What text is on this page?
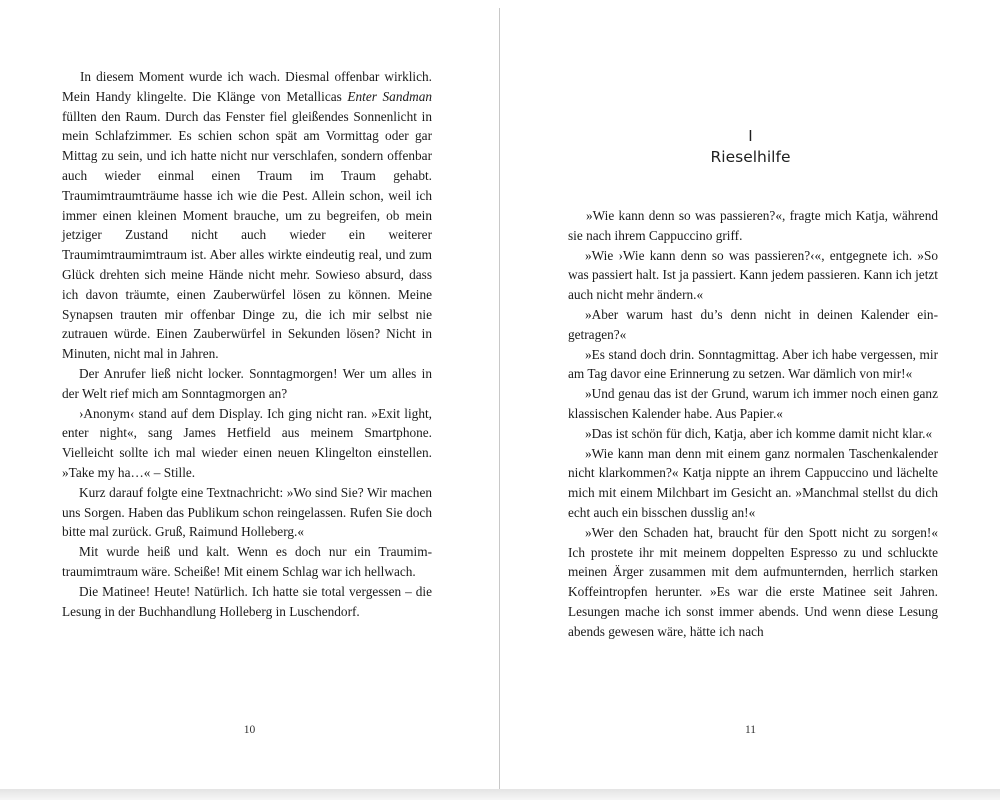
In diesem Moment wurde ich wach. Diesmal offenbar wirklich. Mein Handy klingelte. Die Klänge von Metallicas Enter Sandman füllten den Raum. Durch das Fenster fiel gleißendes Sonnenlicht in mein Schlafzimmer. Es schien schon spät am Vormittag oder gar Mittag zu sein, und ich hatte nicht nur verschlafen, sondern offenbar auch wieder einmal einen Traum im Traum gehabt. Traumimtraumträume hasse ich wie die Pest. Allein schon, weil ich immer einen kleinen Moment brauche, um zu begreifen, ob mein jetziger Zustand nicht auch wieder ein weiterer Traumimtraumimtraum ist. Aber alles wirkte eindeutig real, und zum Glück drehten sich meine Hände nicht mehr. Sowieso absurd, dass ich davon träumte, einen Zauberwürfel lösen zu können. Meine Synapsen trauten mir offenbar Dinge zu, die ich mir selbst nie zutrauen würde. Einen Zauberwürfel in Sekunden lösen? Nicht in Minuten, nicht mal in Jahren.

Der Anrufer ließ nicht locker. Sonntagmorgen! Wer um alles in der Welt rief mich am Sonntagmorgen an?

›Anonym‹ stand auf dem Display. Ich ging nicht ran. »Exit light, enter night«, sang James Hetfield aus meinem Smartphone. Vielleicht sollte ich mal wieder einen neuen Klingelton einstellen. »Take my ha…« – Stille.

Kurz darauf folgte eine Textnachricht: »Wo sind Sie? Wir machen uns Sorgen. Haben das Publikum schon reingelassen. Rufen Sie doch bitte mal zurück. Gruß, Raimund Holleberg.«

Mit wurde heiß und kalt. Wenn es doch nur ein Traumimtraumimtraum wäre. Scheiße! Mit einem Schlag war ich hellwach.

Die Matinee! Heute! Natürlich. Ich hatte sie total vergessen – die Lesung in der Buchhandlung Holleberg in Luschendorf.

10
I
Rieselhilfe

»Wie kann denn so was passieren?«, fragte mich Katja, während sie nach ihrem Cappuccino griff.

»Wie ›Wie kann denn so was passieren?‹«, entgegnete ich. »So was passiert halt. Ist ja passiert. Kann jedem passieren. Kann ich jetzt auch nicht mehr ändern.«

»Aber warum hast du’s denn nicht in deinen Kalender eingetragen?«

»Es stand doch drin. Sonntagmittag. Aber ich habe vergessen, mir am Tag davor eine Erinnerung zu setzen. War dämlich von mir!«

»Und genau das ist der Grund, warum ich immer noch einen ganz klassischen Kalender habe. Aus Papier.«

»Das ist schön für dich, Katja, aber ich komme damit nicht klar.«

»Wie kann man denn mit einem ganz normalen Taschenkalender nicht klarkommen?« Katja nippte an ihrem Cappuccino und lächelte mich mit einem Milchbart im Gesicht an. »Manchmal stellst du dich echt auch ein bisschen dusslig an!«

»Wer den Schaden hat, braucht für den Spott nicht zu sorgen!« Ich prostete ihr mit meinem doppelten Espresso zu und schluckte meinen Ärger zusammen mit dem aufmunternden, herrlich starken Koffeintropfen herunter. »Es war die erste Matinee seit Jahren. Lesungen mache ich sonst immer abends. Und wenn diese Lesung abends gewesen wäre, hätte ich nach

11
